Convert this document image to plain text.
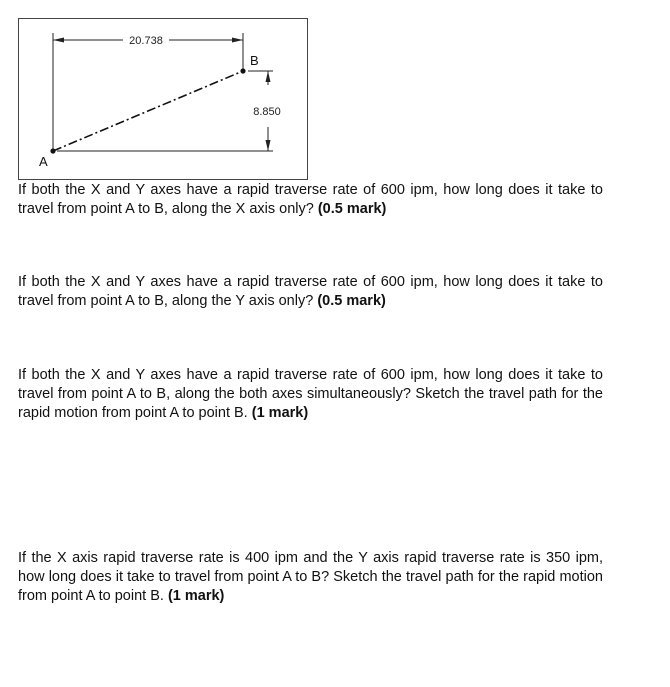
20.738
8.850
A
B

If both the X and Y axes have a rapid traverse rate of 600 ipm, how long does it take to travel from point A to B, along the X axis only? (0.5 mark)

If both the X and Y axes have a rapid traverse rate of 600 ipm, how long does it take to travel from point A to B, along the Y axis only? (0.5 mark)

If both the X and Y axes have a rapid traverse rate of 600 ipm, how long does it take to travel from point A to B, along the both axes simultaneously? Sketch the travel path for the rapid motion from point A to point B. (1 mark)

If the X axis rapid traverse rate is 400 ipm and the Y axis rapid traverse rate is 350 ipm, how long does it take to travel from point A to B? Sketch the travel path for the rapid motion from point A to point B. (1 mark)
